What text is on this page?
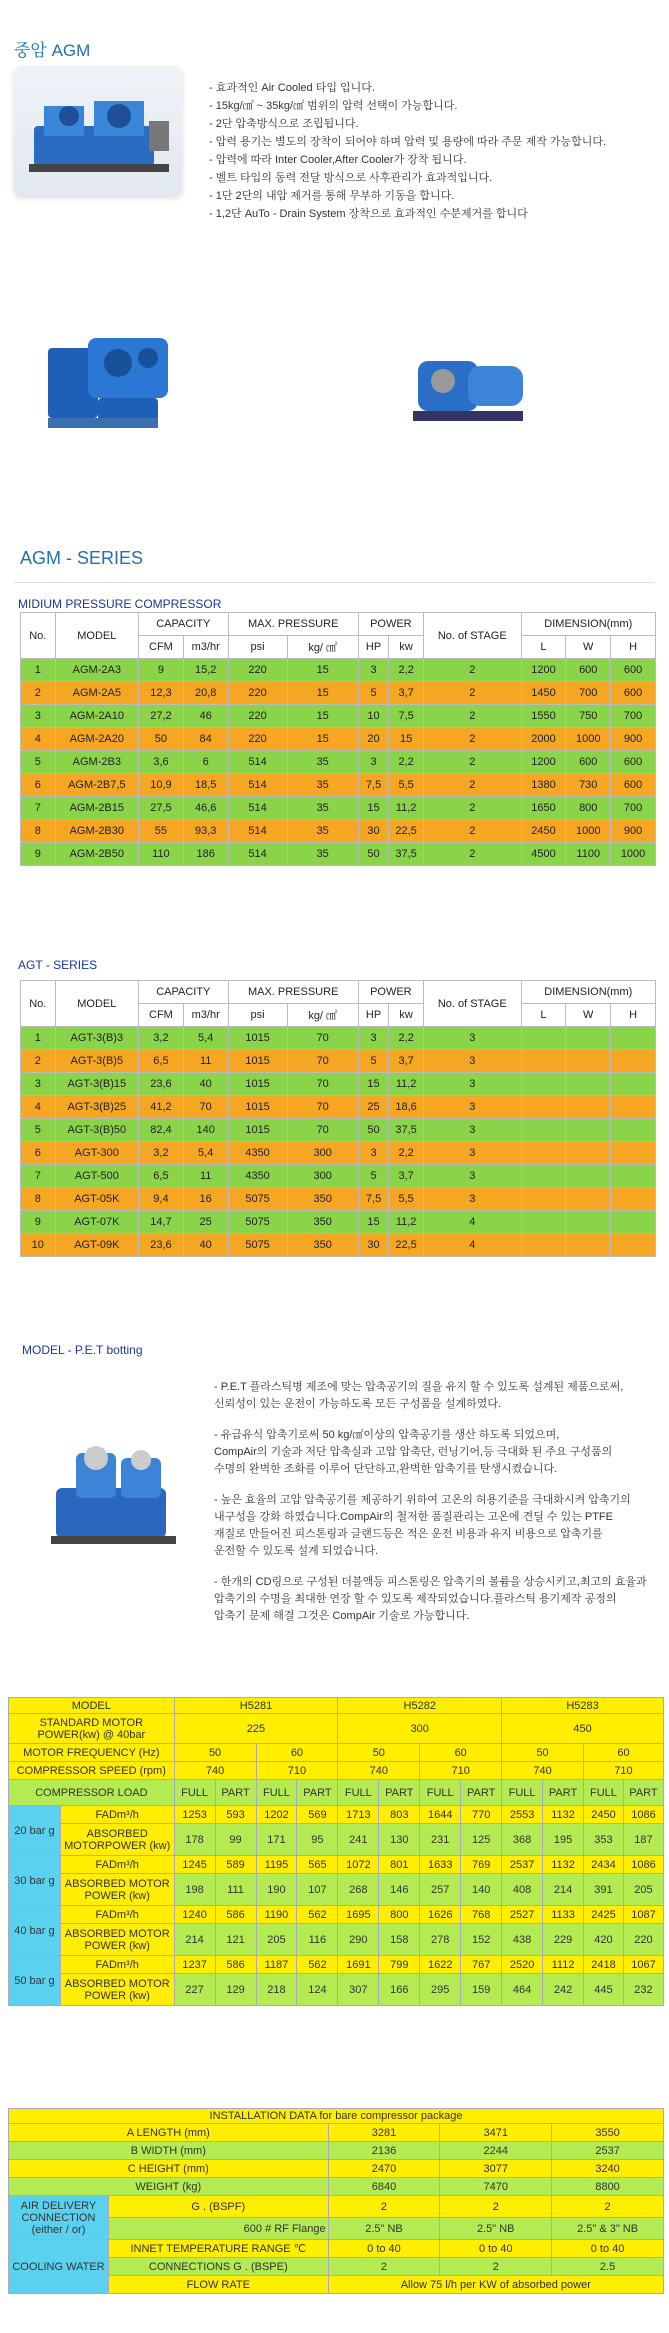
중암 AGM
- 효과적인 Air Cooled 타입 입니다.
- 15kg/㎠ ~ 35kg/㎠ 범위의 압력 선택이 가능합니다.
- 2단 압축방식으로 조립됩니다.
- 압력 용기는 별도의 장착이 되어야 하며 압력 및 용량에 따라 주문 제작 가능합니다.
- 압력에 따라 Inter Cooler,After Cooler가 장착 됩니다.
- 벨트 타입의 동력 전달 방식으로 사후관리가 효과적입니다.
- 1단 2단의 내압 제거를 통해 무부하 기동을 합니다.
- 1,2단 AuTo - Drain System 장착으로 효과적인 수분제거를 합니다
AGM - SERIES
MIDIUM PRESSURE COMPRESSOR
No.	MODEL	CAPACITY		MAX. PRESSURE		POWER		No. of STAGE	DIMENSION(mm)		
		CFM	m3/hr	psi	kg/ ㎠	HP	kw		L	W	H
1	AGM-2A3	9	15,2	220	15	3	2,2	2	1200	600	600
2	AGM-2A5	12,3	20,8	220	15	5	3,7	2	1450	700	600
3	AGM-2A10	27,2	46	220	15	10	7,5	2	1550	750	700
4	AGM-2A20	50	84	220	15	20	15	2	2000	1000	900
5	AGM-2B3	3,6	6	514	35	3	2,2	2	1200	600	600
6	AGM-2B7,5	10,9	18,5	514	35	7,5	5,5	2	1380	730	600
7	AGM-2B15	27,5	46,6	514	35	15	11,2	2	1650	800	700
8	AGM-2B30	55	93,3	514	35	30	22,5	2	2450	1000	900
9	AGM-2B50	110	186	514	35	50	37,5	2	4500	1100	1000
AGT - SERIES
No.	MODEL	CAPACITY		MAX. PRESSURE		POWER		No. of STAGE	DIMENSION(mm)		
		CFM	m3/hr	psi	kg/ ㎠	HP	kw		L	W	H
1	AGT-3(B)3	3,2	5,4	1015	70	3	2,2	3			
2	AGT-3(B)5	6,5	11	1015	70	5	3,7	3			
3	AGT-3(B)15	23,6	40	1015	70	15	11,2	3			
4	AGT-3(B)25	41,2	70	1015	70	25	18,6	3			
5	AGT-3(B)50	82,4	140	1015	70	50	37,5	3			
6	AGT-300	3,2	5,4	4350	300	3	2,2	3			
7	AGT-500	6,5	11	4350	300	5	3,7	3			
8	AGT-05K	9,4	16	5075	350	7,5	5,5	3			
9	AGT-07K	14,7	25	5075	350	15	11,2	4			
10	AGT-09K	23,6	40	5075	350	30	22,5	4			
MODEL - P.E.T botting
- P.E.T 플라스틱병 제조에 맞는 압축공기의 질을 유지 할 수 있도록 설계된 제품으로써,
신뢰성이 있는 운전이 가능하도록 모든 구성품을 설계하였다.
- 유급유식 압축기로써 50 kg/㎠이상의 압축공기를 생산 하도록 되었으며,
CompAir의 기술과 저단 압축실과 고압 압축단, 런닝기어,등 극대화 된 주요 구성품의
수명의 완벽한 조화를 이루어 단단하고,완벽한 압축기를 탄생시켰습니다.
- 높은 효율의 고압 압축공기를 제공하기 위하여 고온의 허용기준을 극대화시켜 압축기의
내구성을 강화 하였습니다.CompAir의 철저한 품질관리는 고온에 견딜 수 있는 PTFE
재질로 만들어진 피스톤링과 글랜드등은 적은 운전 비용과 유지 비용으로 압축기를
운전할 수 있도록 설계 되었습니다.
- 한개의 CD링으로 구성된 더블액등 피스톤링은 압축기의 볼륨을 상승시키고,최고의 효율과
압축기의 수명을 최대한 연장 할 수 있도록 제작되었습니다.플라스틱 용기제작 공정의
압축기 문제 해결 그것은 CompAir 기술로 가능합니다.
MODEL		H5281				H5282				H5283			
STANDARD MOTOR POWER(kw) @ 40bar		225				300				450			
MOTOR FREQUENCY (Hz)		50		60		50		60		50		60	
COMPRESSOR SPEED (rpm)		740		710		740		710		740		710	
COMPRESSOR LOAD		FULL	PART	FULL	PART	FULL	PART	FULL	PART	FULL	PART	FULL	PART
20 bar g	FADm³/h	1253	593	1202	569	1713	803	1644	770	2553	1132	2450	1086
	ABSORBED MOTORPOWER (kw)	178	99	171	95	241	130	231	125	368	195	353	187
30 bar g	FADm³/h	1245	589	1195	565	1072	801	1633	769	2537	1132	2434	1086
	ABSORBED MOTOR POWER (kw)	198	111	190	107	268	146	257	140	408	214	391	205
40 bar g	FADm³/h	1240	586	1190	562	1695	800	1626	768	2527	1133	2425	1087
	ABSORBED MOTOR POWER (kw)	214	121	205	116	290	158	278	152	438	229	420	220
50 bar g	FADm³/h	1237	586	1187	562	1691	799	1622	767	2520	1112	2418	1067
	ABSORBED MOTOR POWER (kw)	227	129	218	124	307	166	295	159	464	242	445	232
INSTALLATION DATA for bare compressor package				
A LENGTH (mm)		3281	3471	3550
B WIDTH (mm)		2136	2244	2537
C HEIGHT (mm)		2470	3077	3240
WEIGHT (kg)		6840	7470	8800
AIR DELIVERY CONNECTION (either / or)	G . (BSPF)	2	2	2
	600 # RF Flange	2.5" NB	2.5" NB	2.5" & 3" NB
COOLING WATER	INNET TEMPERATURE RANGE ℃	0 to 40	0 to 40	0 to 40
	CONNECTIONS G . (BSPE)	2	2	2.5
	FLOW RATE	Allow 75 l/h per KW of absorbed power		
